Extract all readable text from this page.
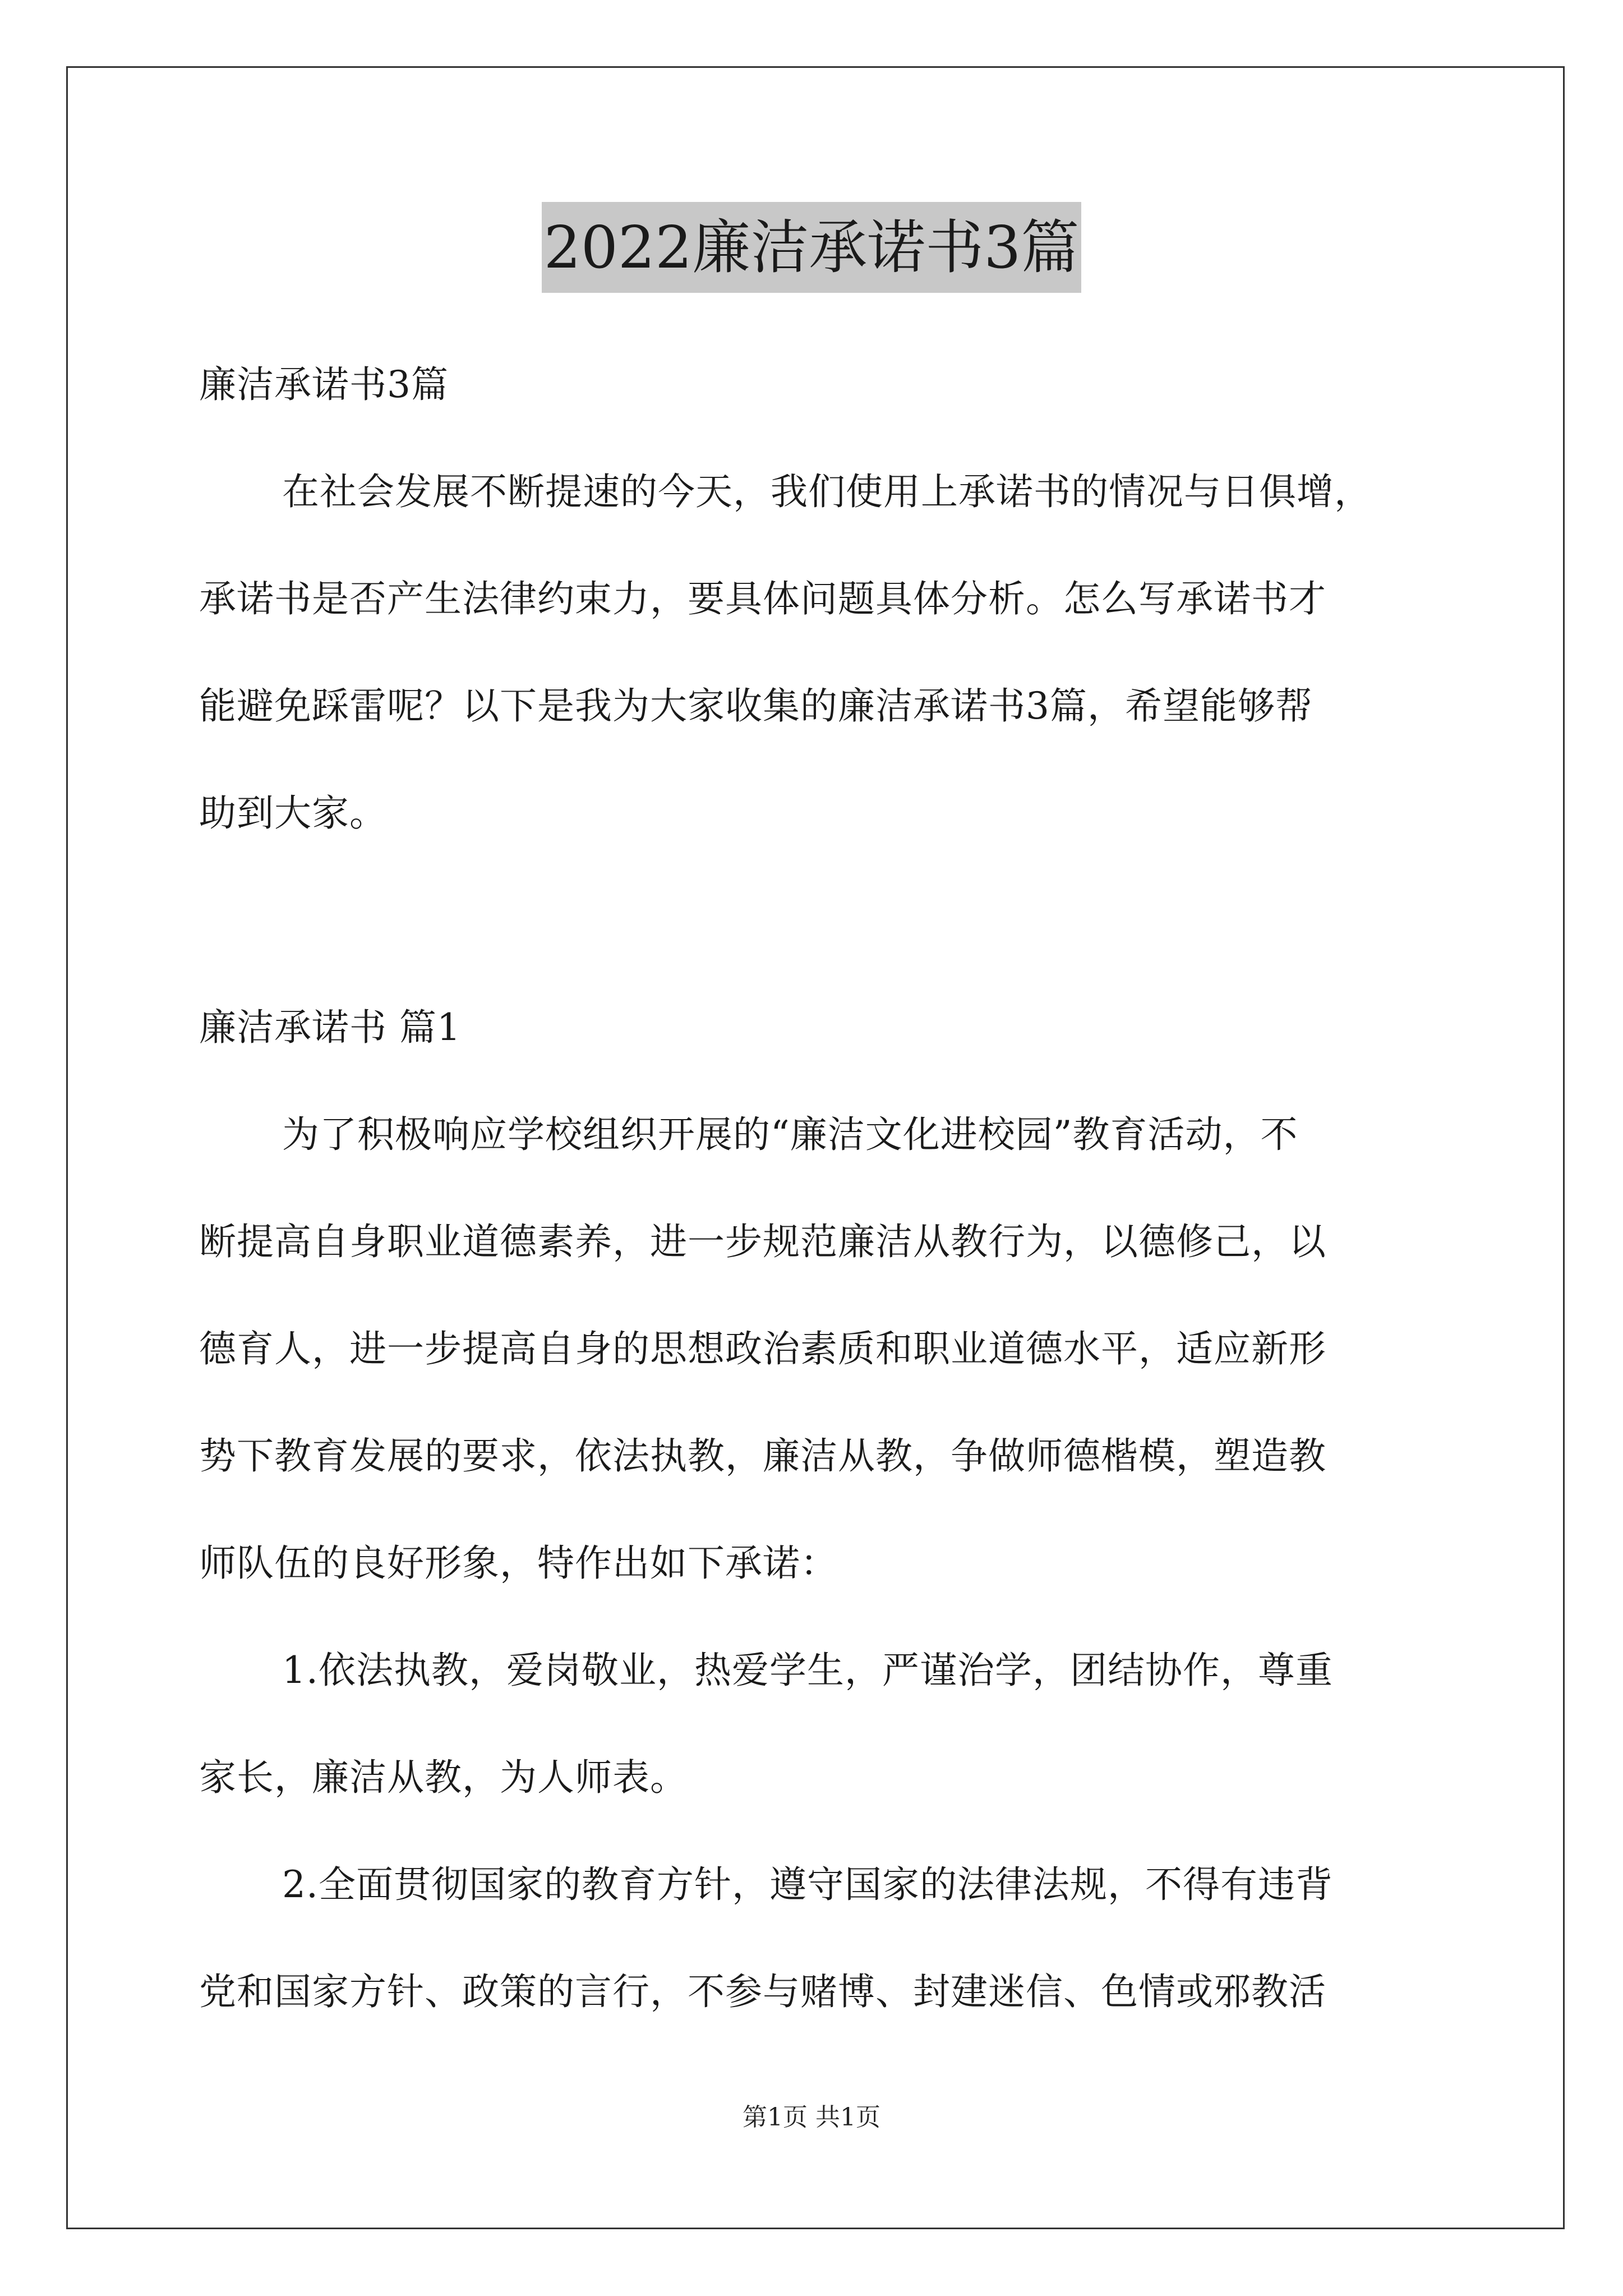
2022廉洁承诺书3篇
廉洁承诺书3篇
在社会发展不断提速的今天，我们使用上承诺书的情况与日俱增，
承诺书是否产生法律约束力，要具体问题具体分析。怎么写承诺书才
能避免踩雷呢？以下是我为大家收集的廉洁承诺书3篇，希望能够帮
助到大家。
廉洁承诺书 篇1
为了积极响应学校组织开展的“廉洁文化进校园”教育活动，不
断提高自身职业道德素养，进一步规范廉洁从教行为，以德修己，以
德育人，进一步提高自身的思想政治素质和职业道德水平，适应新形
势下教育发展的要求，依法执教，廉洁从教，争做师德楷模，塑造教
师队伍的良好形象，特作出如下承诺：
1.依法执教，爱岗敬业，热爱学生，严谨治学，团结协作，尊重
家长，廉洁从教，为人师表。
2.全面贯彻国家的教育方针，遵守国家的法律法规，不得有违背
党和国家方针、政策的言行，不参与赌博、封建迷信、色情或邪教活
第1页 共1页
